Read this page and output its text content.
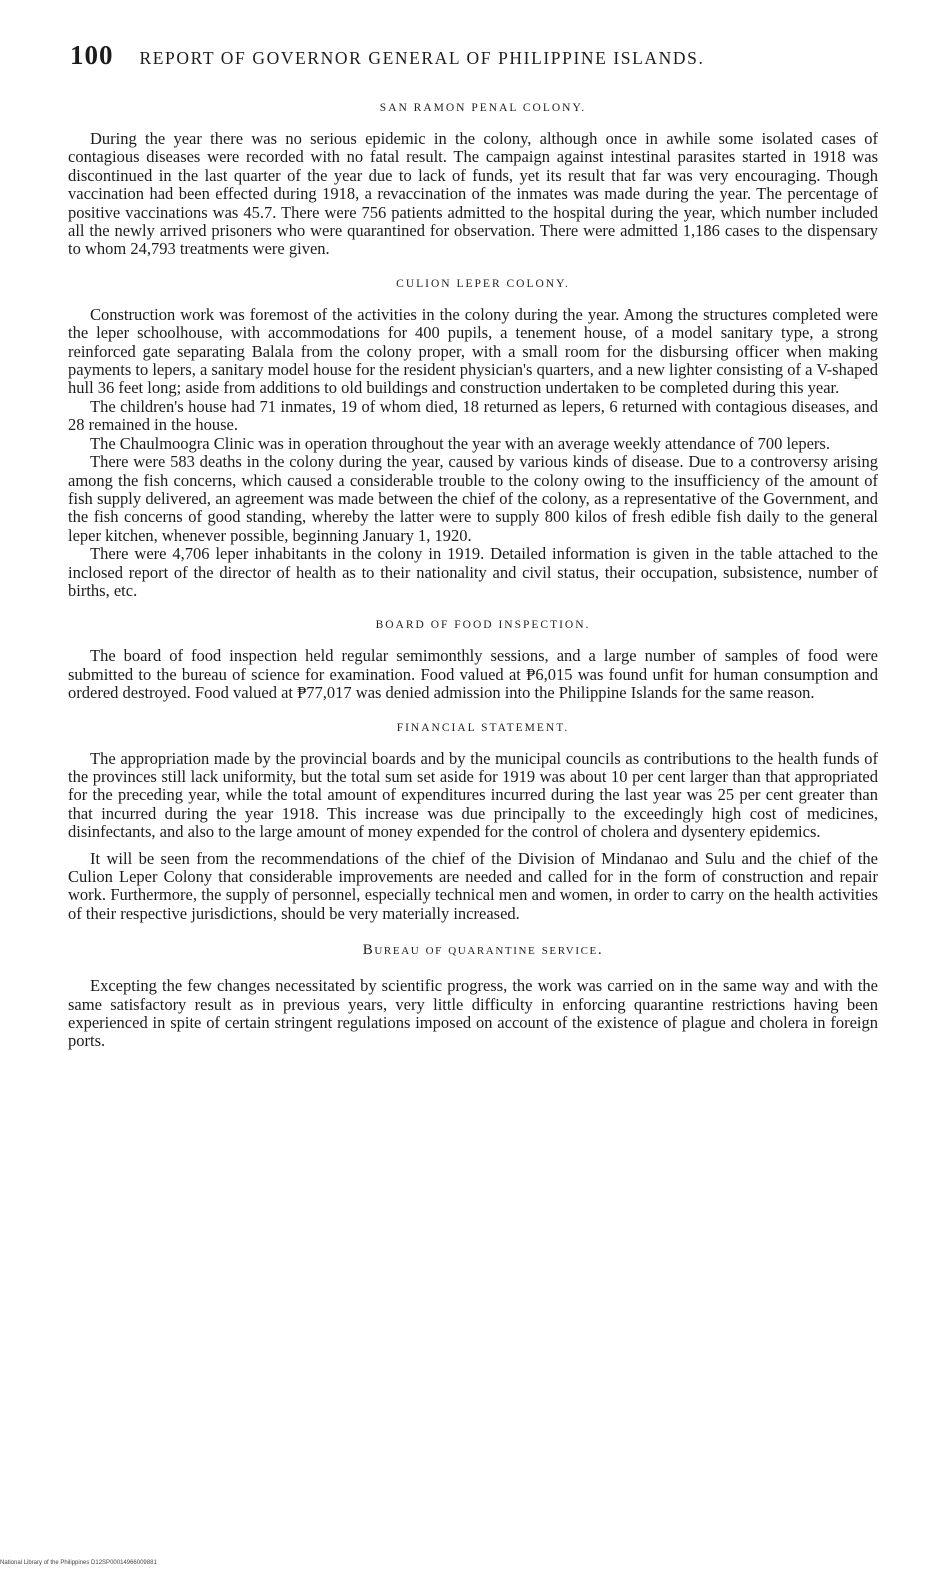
100 REPORT OF GOVERNOR GENERAL OF PHILIPPINE ISLANDS.
SAN RAMON PENAL COLONY.

During the year there was no serious epidemic in the colony, although once in awhile some isolated cases of contagious diseases were recorded with no fatal result. The campaign against intestinal parasites started in 1918 was discontinued in the last quarter of the year due to lack of funds, yet its result that far was very encouraging. Though vaccination had been effected during 1918, a revaccination of the inmates was made during the year. The percentage of positive vaccinations was 45.7. There were 756 patients admitted to the hospital during the year, which number included all the newly arrived prisoners who were quarantined for observation. There were admitted 1,186 cases to the dispensary to whom 24,793 treatments were given.

CULION LEPER COLONY.

Construction work was foremost of the activities in the colony during the year. Among the structures completed were the leper schoolhouse, with accommodations for 400 pupils, a tenement house, of a model sanitary type, a strong reinforced gate separating Balala from the colony proper, with a small room for the disbursing officer when making payments to lepers, a sanitary model house for the resident physician's quarters, and a new lighter consisting of a V-shaped hull 36 feet long; aside from additions to old buildings and construction undertaken to be completed during this year.

The children's house had 71 inmates, 19 of whom died, 18 returned as lepers, 6 returned with contagious diseases, and 28 remained in the house.

The Chaulmoogra Clinic was in operation throughout the year with an average weekly attendance of 700 lepers.

There were 583 deaths in the colony during the year, caused by various kinds of disease. Due to a controversy arising among the fish concerns, which caused a considerable trouble to the colony owing to the insufficiency of the amount of fish supply delivered, an agreement was made between the chief of the colony, as a representative of the Government, and the fish concerns of good standing, whereby the latter were to supply 800 kilos of fresh edible fish daily to the general leper kitchen, whenever possible, beginning January 1, 1920.

There were 4,706 leper inhabitants in the colony in 1919. Detailed information is given in the table attached to the inclosed report of the director of health as to their nationality and civil status, their occupation, subsistence, number of births, etc.

BOARD OF FOOD INSPECTION.

The board of food inspection held regular semimonthly sessions, and a large number of samples of food were submitted to the bureau of science for examination. Food valued at ₱6,015 was found unfit for human consumption and ordered destroyed. Food valued at ₱77,017 was denied admission into the Philippine Islands for the same reason.

FINANCIAL STATEMENT.

The appropriation made by the provincial boards and by the municipal councils as contributions to the health funds of the provinces still lack uniformity, but the total sum set aside for 1919 was about 10 per cent larger than that appropriated for the preceding year, while the total amount of expenditures incurred during the last year was 25 per cent greater than that incurred during the year 1918. This increase was due principally to the exceedingly high cost of medicines, disinfectants, and also to the large amount of money expended for the control of cholera and dysentery epidemics.

It will be seen from the recommendations of the chief of the Division of Mindanao and Sulu and the chief of the Culion Leper Colony that considerable improvements are needed and called for in the form of construction and repair work. Furthermore, the supply of personnel, especially technical men and women, in order to carry on the health activities of their respective jurisdictions, should be very materially increased.

Bureau of quarantine service.

Excepting the few changes necessitated by scientific progress, the work was carried on in the same way and with the same satisfactory result as in previous years, very little difficulty in enforcing quarantine restrictions having been experienced in spite of certain stringent regulations imposed on account of the existence of plague and cholera in foreign ports.

National Library of the Philippines D12SP00014966009881
